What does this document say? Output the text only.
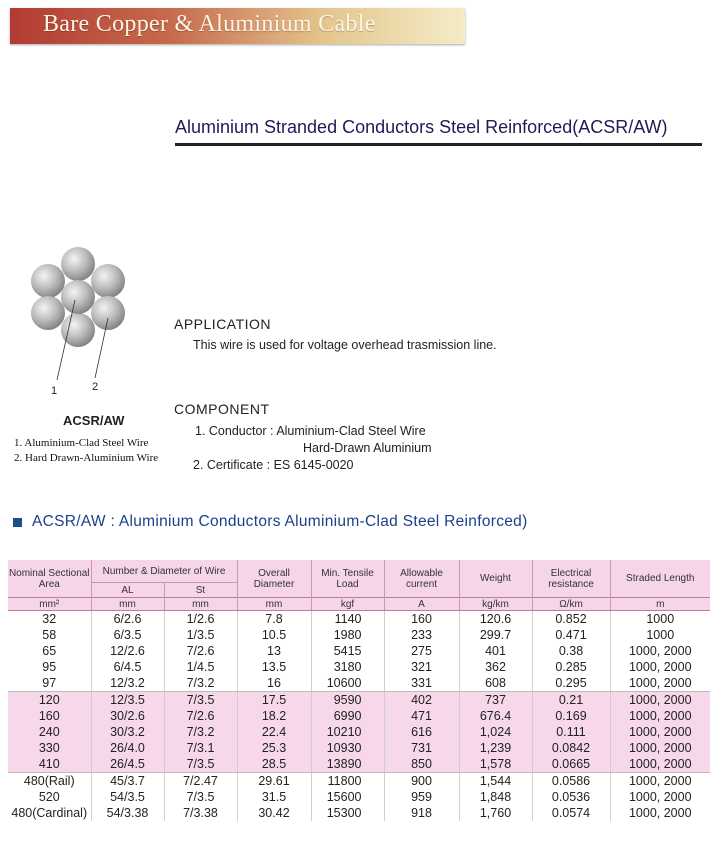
Bare Copper & Aluminium Cable
Aluminium Stranded Conductors Steel Reinforced(ACSR/AW)
1	2
ACSR/AW
1. Aluminium-Clad Steel Wire
2. Hard Drawn-Aluminium Wire
APPLICATION
This wire is used for voltage overhead trasmission line.
COMPONENT
1. Conductor : Aluminium-Clad Steel Wire
Hard-Drawn Aluminium
2. Certificate : ES 6145-0020
ACSR/AW : Aluminium Conductors Aluminium-Clad Steel Reinforced)
Nominal Sectional Area	Number & Diameter of Wire		Overall Diameter	Min. Tensile Load	Allowable current	Weight	Electrical resistance	Straded Length
	AL	St						
mm²	mm	mm	mm	kgf	A	kg/km	Ω/km	m
32	6/2.6	1/2.6	7.8	1140	160	120.6	0.852	1000
58	6/3.5	1/3.5	10.5	1980	233	299.7	0.471	1000
65	12/2.6	7/2.6	13	5415	275	401	0.38	1000, 2000
95	6/4.5	1/4.5	13.5	3180	321	362	0.285	1000, 2000
97	12/3.2	7/3.2	16	10600	331	608	0.295	1000, 2000
120	12/3.5	7/3.5	17.5	9590	402	737	0.21	1000, 2000
160	30/2.6	7/2.6	18.2	6990	471	676.4	0.169	1000, 2000
240	30/3.2	7/3.2	22.4	10210	616	1,024	0.111	1000, 2000
330	26/4.0	7/3.1	25.3	10930	731	1,239	0.0842	1000, 2000
410	26/4.5	7/3.5	28.5	13890	850	1,578	0.0665	1000, 2000
480(Rail)	45/3.7	7/2.47	29.61	11800	900	1,544	0.0586	1000, 2000
520	54/3.5	7/3.5	31.5	15600	959	1,848	0.0536	1000, 2000
480(Cardinal)	54/3.38	7/3.38	30.42	15300	918	1,760	0.0574	1000, 2000
